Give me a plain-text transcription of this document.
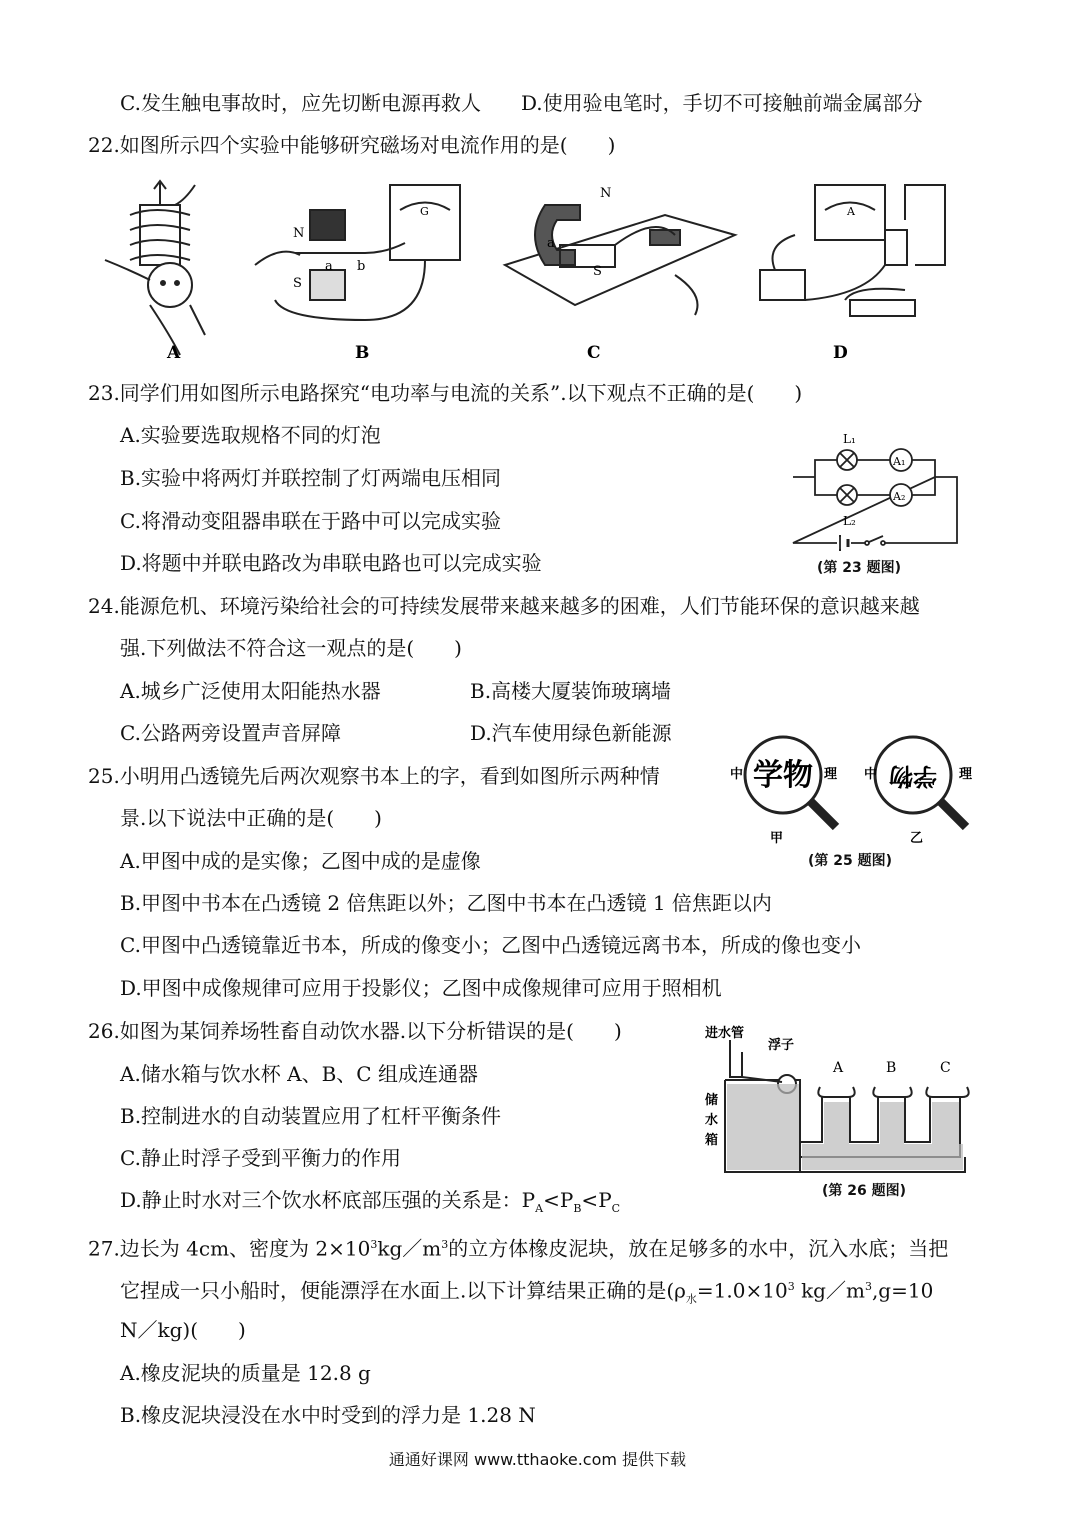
C.发生触电事故时，应先切断电源再救人　　D.使用验电笔时，手切不可接触前端金属部分
22.如图所示四个实验中能够研究磁场对电流作用的是(　　)
A	B	C	D
N
S
a b
G
N
S
a
A
23.同学们用如图所示电路探究“电功率与电流的关系”.以下观点不正确的是(　　)
A.实验要选取规格不同的灯泡
B.实验中将两灯并联控制了灯两端电压相同
C.将滑动变阻器串联在于路中可以完成实验
D.将题中并联电路改为串联电路也可以完成实验
L₁
L₂
A₁
A₂
(第 23 题图)
24.能源危机、环境污染给社会的可持续发展带来越来越多的困难，人们节能环保的意识越来越
强.下列做法不符合这一观点的是(　　)
A.城乡广泛使用太阳能热水器	B.高楼大厦装饰玻璃墙
C.公路两旁设置声音屏障	D.汽车使用绿色新能源
25.小明用凸透镜先后两次观察书本上的字，看到如图所示两种情
景.以下说法中正确的是(　　)
学物	学物
中	理 中	理
甲	乙
(第 25 题图)
A.甲图中成的是实像；乙图中成的是虚像
B.甲图中书本在凸透镜 2 倍焦距以外；乙图中书本在凸透镜 1 倍焦距以内
C.甲图中凸透镜靠近书本，所成的像变小；乙图中凸透镜远离书本，所成的像也变小
D.甲图中成像规律可应用于投影仪；乙图中成像规律可应用于照相机
26.如图为某饲养场牲畜自动饮水器.以下分析错误的是(　　)
A.储水箱与饮水杯 A、B、C 组成连通器
B.控制进水的自动装置应用了杠杆平衡条件
C.静止时浮子受到平衡力的作用
D.静止时水对三个饮水杯底部压强的关系是：$P_A<P_B<P_C$
进水管
浮子
储
水
箱
A	B	C
(第 26 题图)
27.边长为 4cm、密度为 $2\times 10^3kg/m^3$的立方体橡皮泥块，放在足够多的水中，沉入水底；当把
它捏成一只小船时，便能漂浮在水面上.以下计算结果正确的是($\rho_水=1.0\times 10^3$ $kg/m^3,g=10$
N／kg)(　　)
A.橡皮泥块的质量是 12.8 g
B.橡皮泥块浸没在水中时受到的浮力是 1.28 N
通通好课网 www.tthaoke.com 提供下载
